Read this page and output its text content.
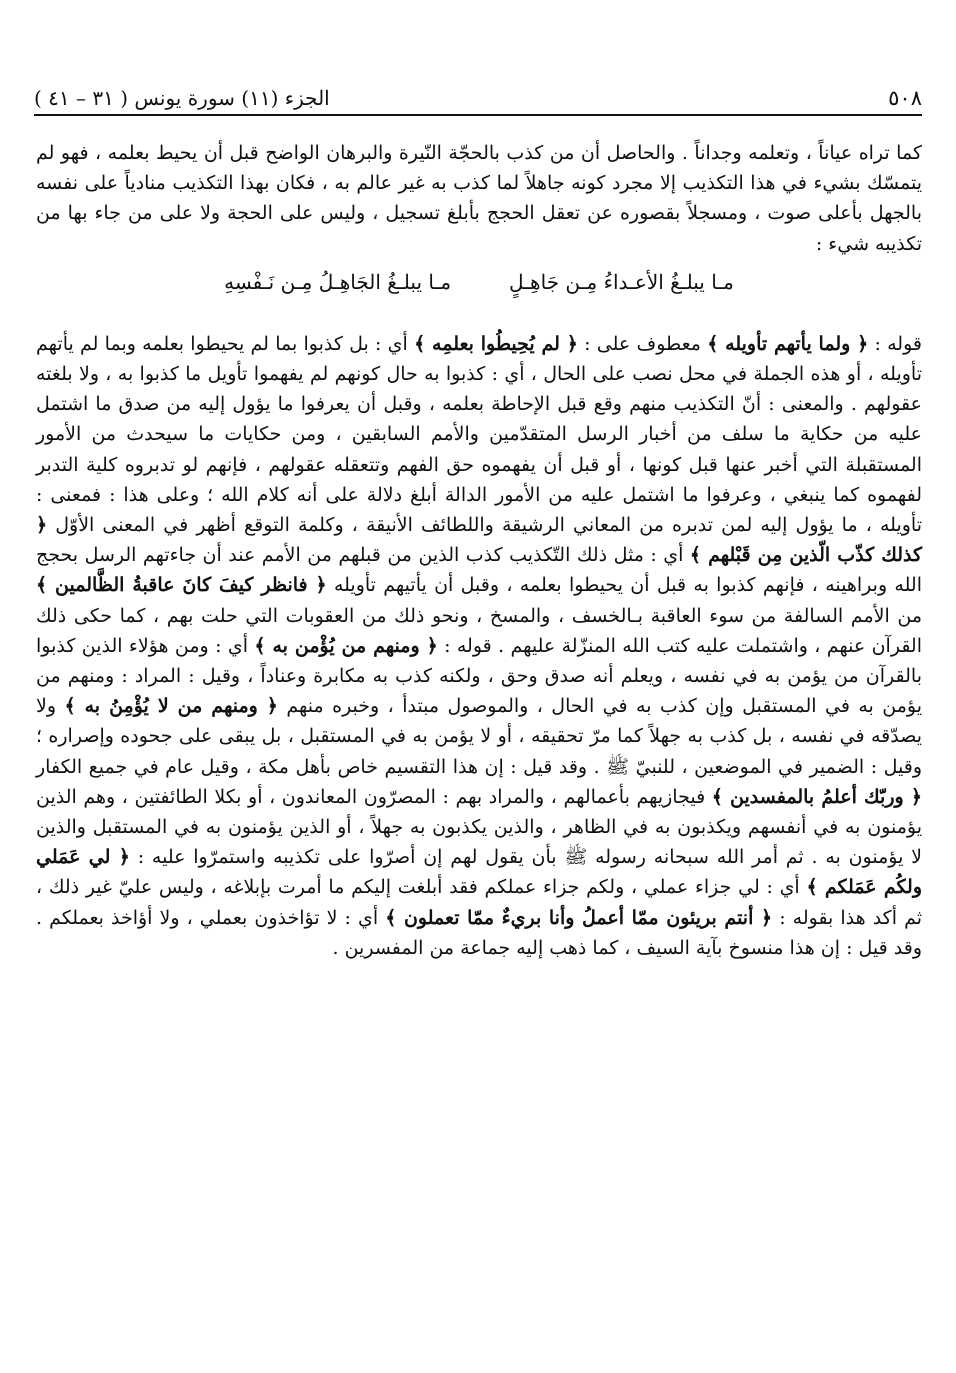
٥٠٨
الجزء (١١) سورة يونس ( ٣١ – ٤١ )

كما تراه عياناً ، وتعلمه وجداناً . والحاصل أن من كذب بالحجّة النّيرة والبرهان الواضح قبل أن يحيط بعلمه ، فهو لم يتمسّك بشيء في هذا التكذيب إلا مجرد كونه جاهلاً لما كذب به غير عالم به ، فكان بهذا التكذيب منادياً على نفسه بالجهل بأعلى صوت ، ومسجلاً بقصوره عن تعقل الحجج بأبلغ تسجيل ، وليس على الحجة ولا على من جاء بها من تكذيبه شيء :

مـا يبلـغُ الأعـداءُ مِـن جَاهِـلٍ
مـا يبلـغُ الجَاهِـلُ مِـن نَـفْسِهِ

قوله : ﴿ ولما يأتهم تأويله ﴾ معطوف على : ﴿ لم يُحِيطُوا بعلمِه ﴾ أي : بل كذبوا بما لم يحيطوا بعلمه وبما لم يأتهم تأويله ، أو هذه الجملة في محل نصب على الحال ، أي : كذبوا به حال كونهم لم يفهموا تأويل ما كذبوا به ، ولا بلغته عقولهم . والمعنى : أنّ التكذيب منهم وقع قبل الإحاطة بعلمه ، وقبل أن يعرفوا ما يؤول إليه من صدق ما اشتمل عليه من حكاية ما سلف من أخبار الرسل المتقدّمين والأمم السابقين ، ومن حكايات ما سيحدث من الأمور المستقبلة التي أخبر عنها قبل كونها ، أو قبل أن يفهموه حق الفهم وتتعقله عقولهم ، فإنهم لو تدبروه كلية التدبر لفهموه كما ينبغي ، وعرفوا ما اشتمل عليه من الأمور الدالة أبلغ دلالة على أنه كلام الله ؛ وعلى هذا : فمعنى : تأويله ، ما يؤول إليه لمن تدبره من المعاني الرشيقة واللطائف الأنيقة ، وكلمة التوقع أظهر في المعنى الأوّل ﴿ كذلك كذّب الّذين مِن قَبْلهم ﴾ أي : مثل ذلك التّكذيب كذب الذين من قبلهم من الأمم عند أن جاءتهم الرسل بحجج الله وبراهينه ، فإنهم كذبوا به قبل أن يحيطوا بعلمه ، وقبل أن يأتيهم تأويله ﴿ فانظر كيفَ كانَ عاقبةُ الظَّالمين ﴾ من الأمم السالفة من سوء العاقبة بـالخسف ، والمسخ ، ونحو ذلك من العقوبات التي حلت بهم ، كما حكى ذلك القرآن عنهم ، واشتملت عليه كتب الله المنزّلة عليهم . قوله : ﴿ ومنهم من يُؤْمن به ﴾ أي : ومن هؤلاء الذين كذبوا بالقرآن من يؤمن به في نفسه ، ويعلم أنه صدق وحق ، ولكنه كذب به مكابرة وعناداً ، وقيل : المراد : ومنهم من يؤمن به في المستقبل وإن كذب به في الحال ، والموصول مبتدأ ، وخبره منهم ﴿ ومنهم من لا يُؤْمِنُ به ﴾ ولا يصدّقه في نفسه ، بل كذب به جهلاً كما مرّ تحقيقه ، أو لا يؤمن به في المستقبل ، بل يبقى على جحوده وإصراره ؛ وقيل : الضمير في الموضعين ، للنبيّ ﷺ . وقد قيل : إن هذا التقسيم خاص بأهل مكة ، وقيل عام في جميع الكفار ﴿ وربّك أعلمُ بالمفسدين ﴾ فيجازيهم بأعمالهم ، والمراد بهم : المصرّون المعاندون ، أو بكلا الطائفتين ، وهم الذين يؤمنون به في أنفسهم ويكذبون به في الظاهر ، والذين يكذبون به جهلاً ، أو الذين يؤمنون به في المستقبل والذين لا يؤمنون به . ثم أمر الله سبحانه رسوله ﷺ بأن يقول لهم إن أصرّوا على تكذيبه واستمرّوا عليه : ﴿ لي عَمَلي ولكُم عَمَلكم ﴾ أي : لي جزاء عملي ، ولكم جزاء عملكم فقد أبلغت إليكم ما أمرت بإبلاغه ، وليس عليّ غير ذلك ، ثم أكد هذا بقوله : ﴿ أنتم بريئون ممّا أعملُ وأنا بريءٌ ممّا تعملون ﴾ أي : لا تؤاخذون بعملي ، ولا أؤاخذ بعملكم . وقد قيل : إن هذا منسوخ بآية السيف ، كما ذهب إليه جماعة من المفسرين .
